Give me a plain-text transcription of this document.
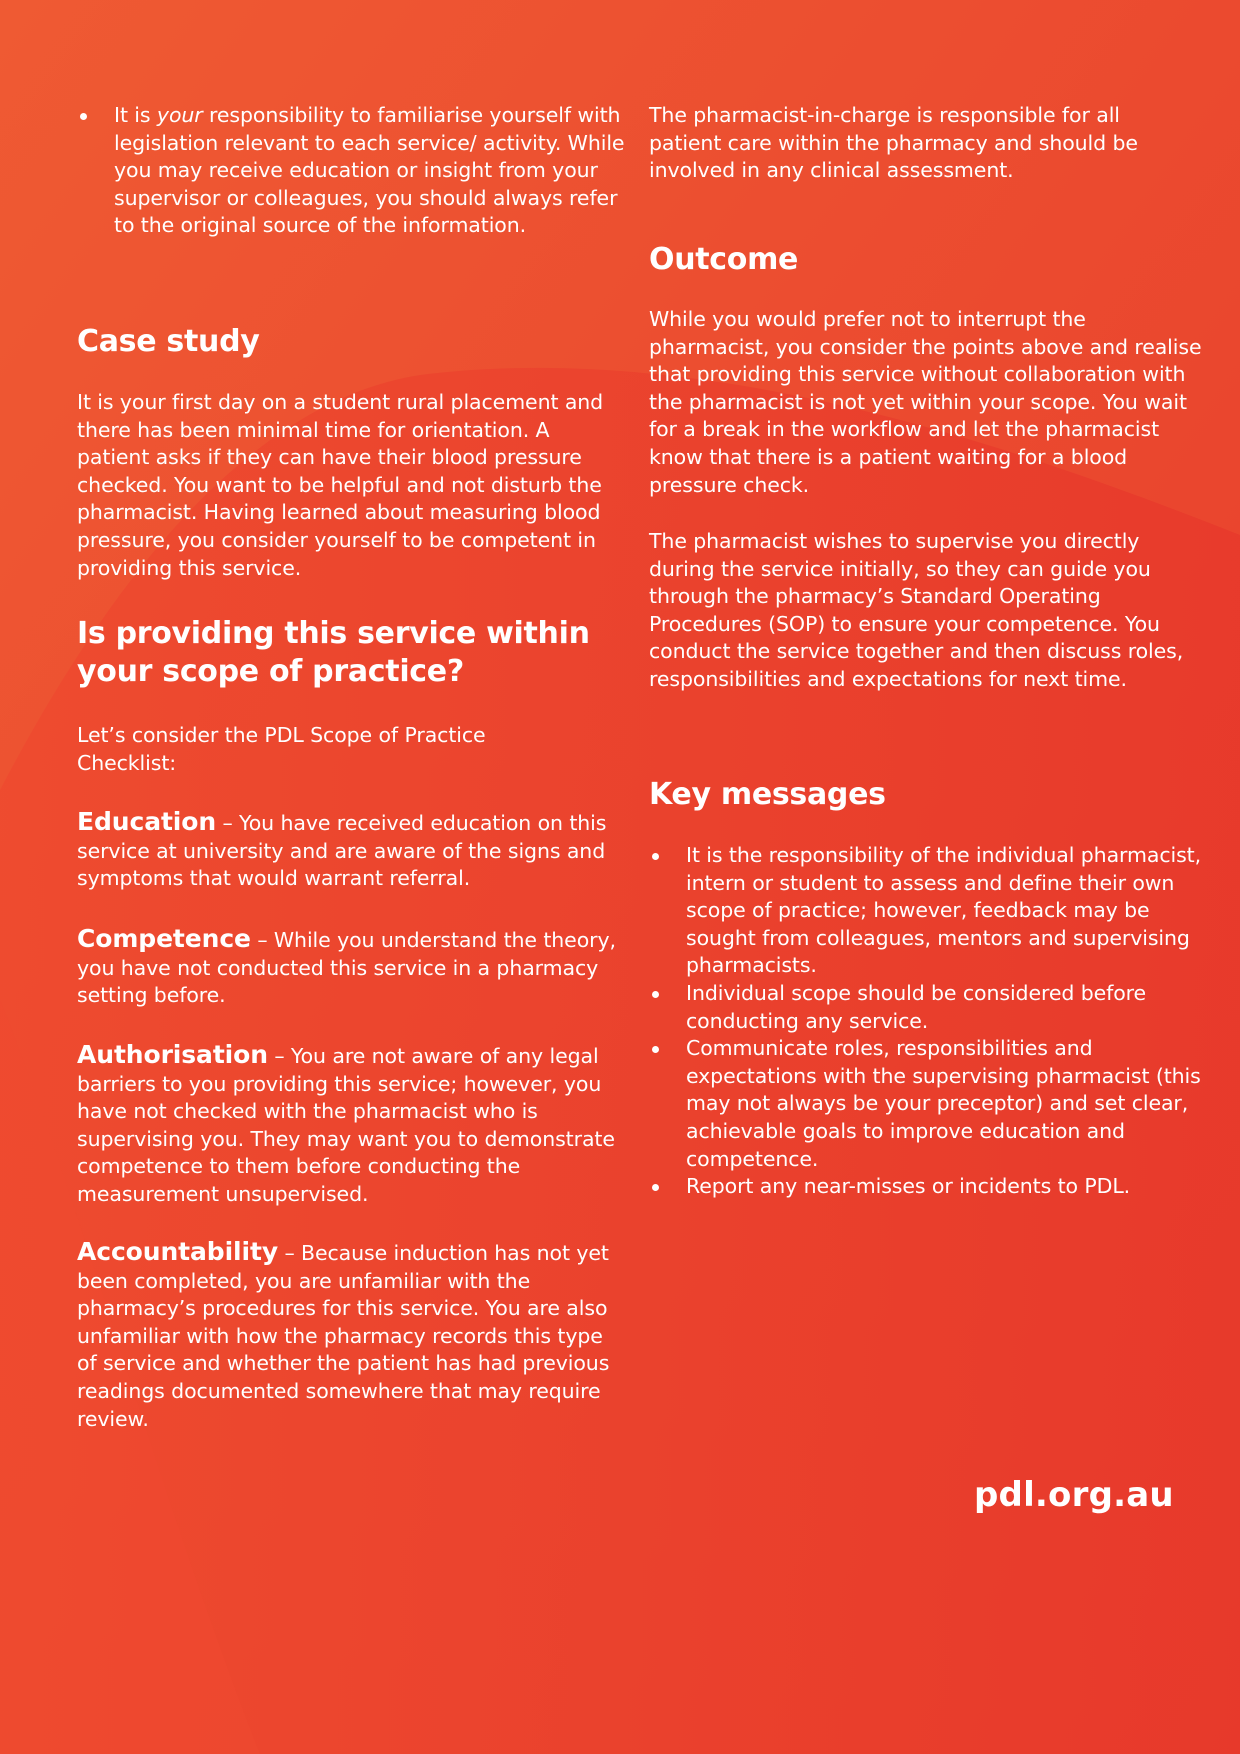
It is your responsibility to familiarise yourself with legislation relevant to each service/ activity. While you may receive education or insight from your supervisor or colleagues, you should always refer to the original source of the information.
Case study

It is your first day on a student rural placement and there has been minimal time for orientation. A patient asks if they can have their blood pressure checked. You want to be helpful and not disturb the pharmacist. Having learned about measuring blood pressure, you consider yourself to be competent in providing this service.

Is providing this service within your scope of practice?

Let’s consider the PDL Scope of Practice Checklist:

Education – You have received education on this service at university and are aware of the signs and symptoms that would warrant referral.

Competence – While you understand the theory, you have not conducted this service in a pharmacy setting before.

Authorisation – You are not aware of any legal barriers to you providing this service; however, you have not checked with the pharmacist who is supervising you. They may want you to demonstrate competence to them before conducting the measurement unsupervised.

Accountability – Because induction has not yet been completed, you are unfamiliar with the pharmacy’s procedures for this service. You are also unfamiliar with how the pharmacy records this type of service and whether the patient has had previous readings documented somewhere that may require review.

The pharmacist-in-charge is responsible for all patient care within the pharmacy and should be involved in any clinical assessment.

Outcome

While you would prefer not to interrupt the pharmacist, you consider the points above and realise that providing this service without collaboration with the pharmacist is not yet within your scope. You wait for a break in the workflow and let the pharmacist know that there is a patient waiting for a blood pressure check.

The pharmacist wishes to supervise you directly during the service initially, so they can guide you through the pharmacy’s Standard Operating Procedures (SOP) to ensure your competence. You conduct the service together and then discuss roles, responsibilities and expectations for next time.

Key messages
It is the responsibility of the individual pharmacist, intern or student to assess and define their own scope of practice; however, feedback may be sought from colleagues, mentors and supervising pharmacists.
Individual scope should be considered before conducting any service.
Communicate roles, responsibilities and expectations with the supervising pharmacist (this may not always be your preceptor) and set clear, achievable goals to improve education and competence.
Report any near-misses or incidents to PDL.
pdl.org.au
